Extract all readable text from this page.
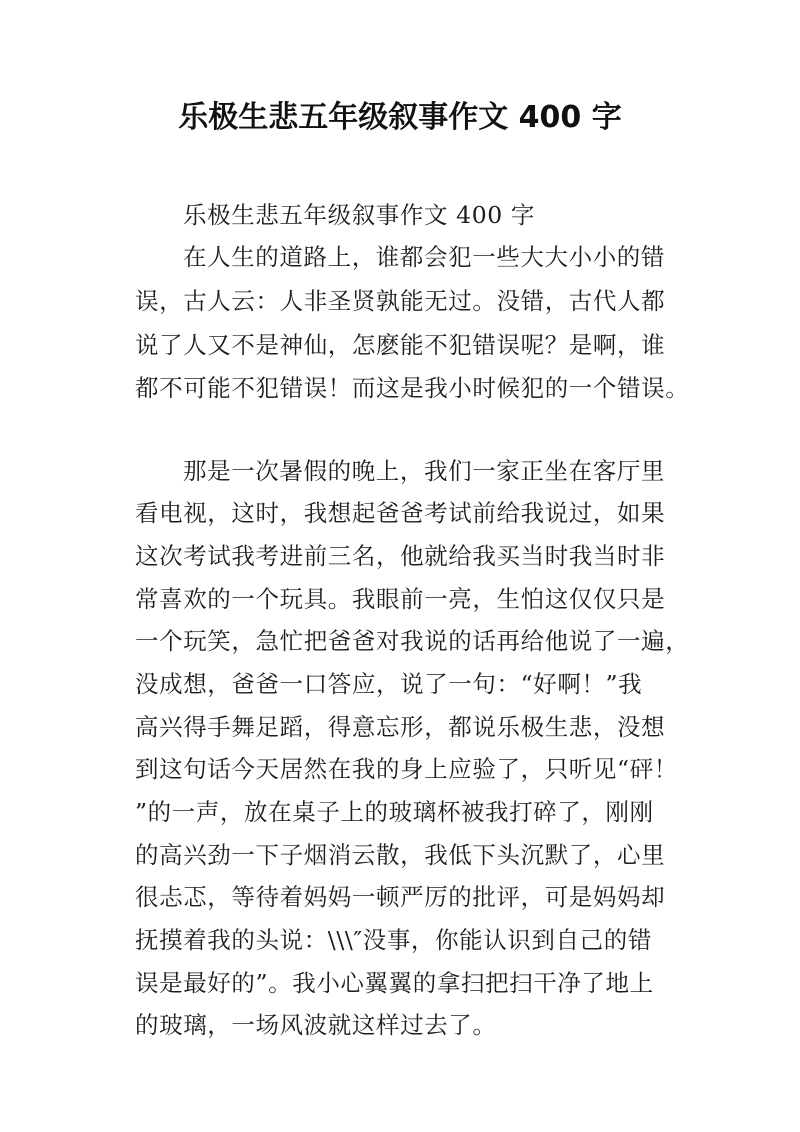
乐极生悲五年级叙事作文 400 字
乐极生悲五年级叙事作文 400 字
在人生的道路上，谁都会犯一些大大小小的错
误，古人云：人非圣贤孰能无过。没错，古代人都
说了人又不是神仙，怎麽能不犯错误呢？是啊，谁
都不可能不犯错误！而这是我小时候犯的一个错误。
那是一次暑假的晚上，我们一家正坐在客厅里
看电视，这时，我想起爸爸考试前给我说过，如果
这次考试我考进前三名，他就给我买当时我当时非
常喜欢的一个玩具。我眼前一亮，生怕这仅仅只是
一个玩笑，急忙把爸爸对我说的话再给他说了一遍，
没成想，爸爸一口答应，说了一句：“好啊！”我
高兴得手舞足蹈，得意忘形，都说乐极生悲，没想
到这句话今天居然在我的身上应验了，只听见“砰！
”的一声，放在桌子上的玻璃杯被我打碎了，刚刚
的高兴劲一下子烟消云散，我低下头沉默了，心里
很忐忑，等待着妈妈一顿严厉的批评，可是妈妈却
抚摸着我的头说：\\\″没事，你能认识到自己的错
误是最好的”。我小心翼翼的拿扫把扫干净了地上
的玻璃，一场风波就这样过去了。
